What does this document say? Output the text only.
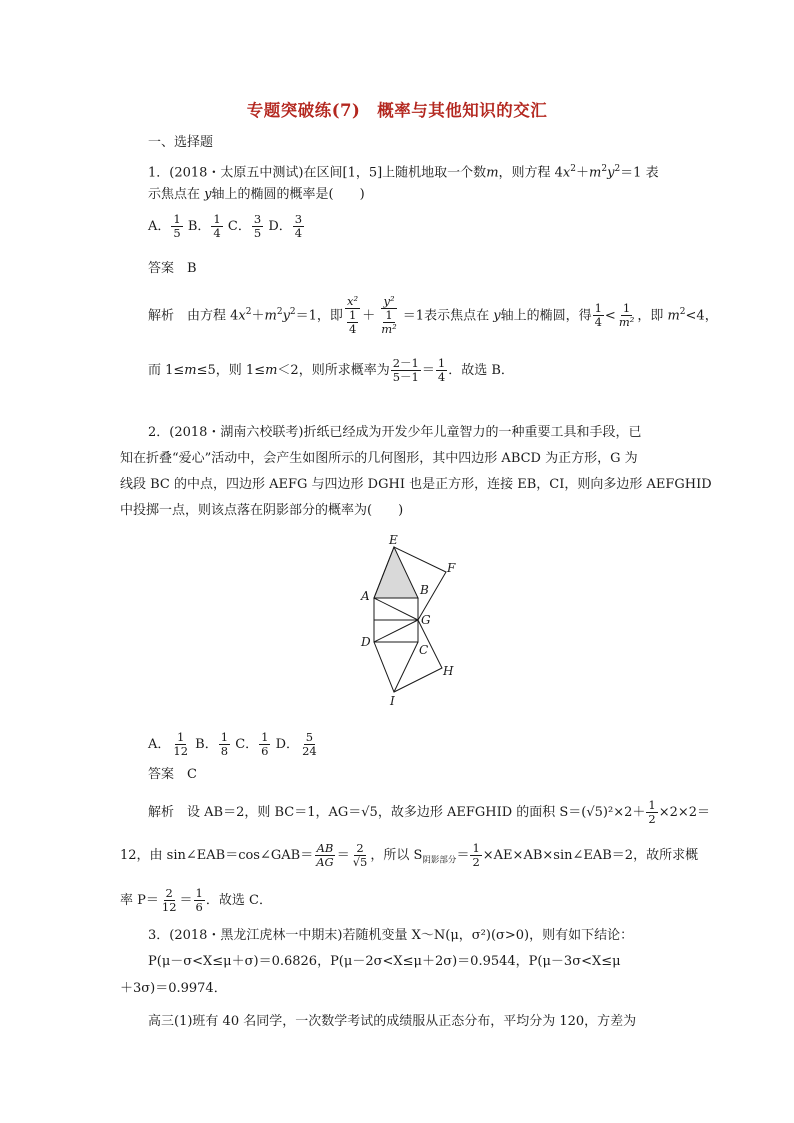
专题突破练(7)　概率与其他知识的交汇
一、选择题
1．(2018・太原五中测试)在区间[1，5]上随机地取一个数m，则方程 $4x^2+m^2y^2=1$ 表
示焦点在 y轴上的椭圆的概率是(　　)
A． $\frac{1}{5}$ B． $\frac{1}{4}$ C． $\frac{3}{5}$ D． $\frac{3}{4}$
答案　B
解析　由方程 $4x^2+m^2y^2=1$，即 $\frac{\text{x²}}{\frac{1}{4}} + \frac{\text{y²}}{\frac{1}{\text{m²}}} =1$表示焦点在 y轴上的椭圆，得 $\frac{1}{4} < \frac{1}{\text{m²}}$ ，即 $m^2<4$，
而 1≤m≤5，则 1≤m＜2，则所求概率为 $\frac{2-1}{5-1} = \frac{1}{4}$ ．故选 B．
2．(2018・湖南六校联考)折纸已经成为开发少年儿童智力的一种重要工具和手段，已
知在折叠“爱心”活动中，会产生如图所示的几何图形，其中四边形 ABCD 为正方形，G 为
线段 BC 的中点，四边形 AEFG 与四边形 DGHI 也是正方形，连接 EB，CI，则向多边形 AEFGHID
中投掷一点，则该点落在阴影部分的概率为(　　)
E
F
A	B
G
D
C
H
I
A． $\frac{1}{12}$ B． $\frac{1}{8}$ C． $\frac{1}{6}$ D． $\frac{5}{24}$
答案　C
解析　设 AB＝2，则 BC＝1，AG＝√5，故多边形 AEFGHID 的面积 $S=(√5)^2\times 2+ \frac{1}{2} \times 2\times 2=$
12，由 sin∠EAB＝cos∠GAB＝ $\frac{AB}{AG} = \frac{2}{√5}$ ，所以 $S_{阴影部分}= \frac{1}{2}$ ×AE×AB×sin∠EAB＝2，故所求概
率 $P= \frac{2}{12} = \frac{1}{6}$ ．故选 C．
3．(2018・黑龙江虎林一中期末)若随机变量 X～N(μ，σ²)(σ>0)，则有如下结论：
P(μ－σ<X≤μ＋σ)＝0.6826，P(μ－2σ<X≤μ＋2σ)＝0.9544，P(μ－3σ<X≤μ
＋3σ)＝0.9974．
高三(1)班有 40 名同学，一次数学考试的成绩服从正态分布，平均分为 120，方差为
